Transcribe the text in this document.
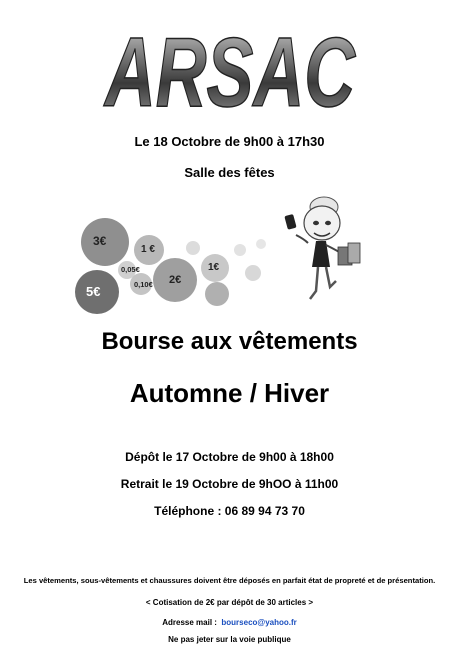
ARSAC
Le 18 Octobre de 9h00 à 17h30
Salle des fêtes
3€
1 €
0,05€
0,10€ 2€
1€
5€
Bourse aux vêtements
Automne / Hiver
Dépôt le 17 Octobre de 9h00 à 18h00
Retrait le 19 Octobre de 9hOO à 11h00
Téléphone : 06 89 94 73 70
Les vêtements, sous-vêtements et chaussures doivent être déposés en parfait état de propreté et de présentation.
< Cotisation de 2€ par dépôt de 30 articles >
Adresse mail : bourseco@yahoo.fr
Ne pas jeter sur la voie publique
